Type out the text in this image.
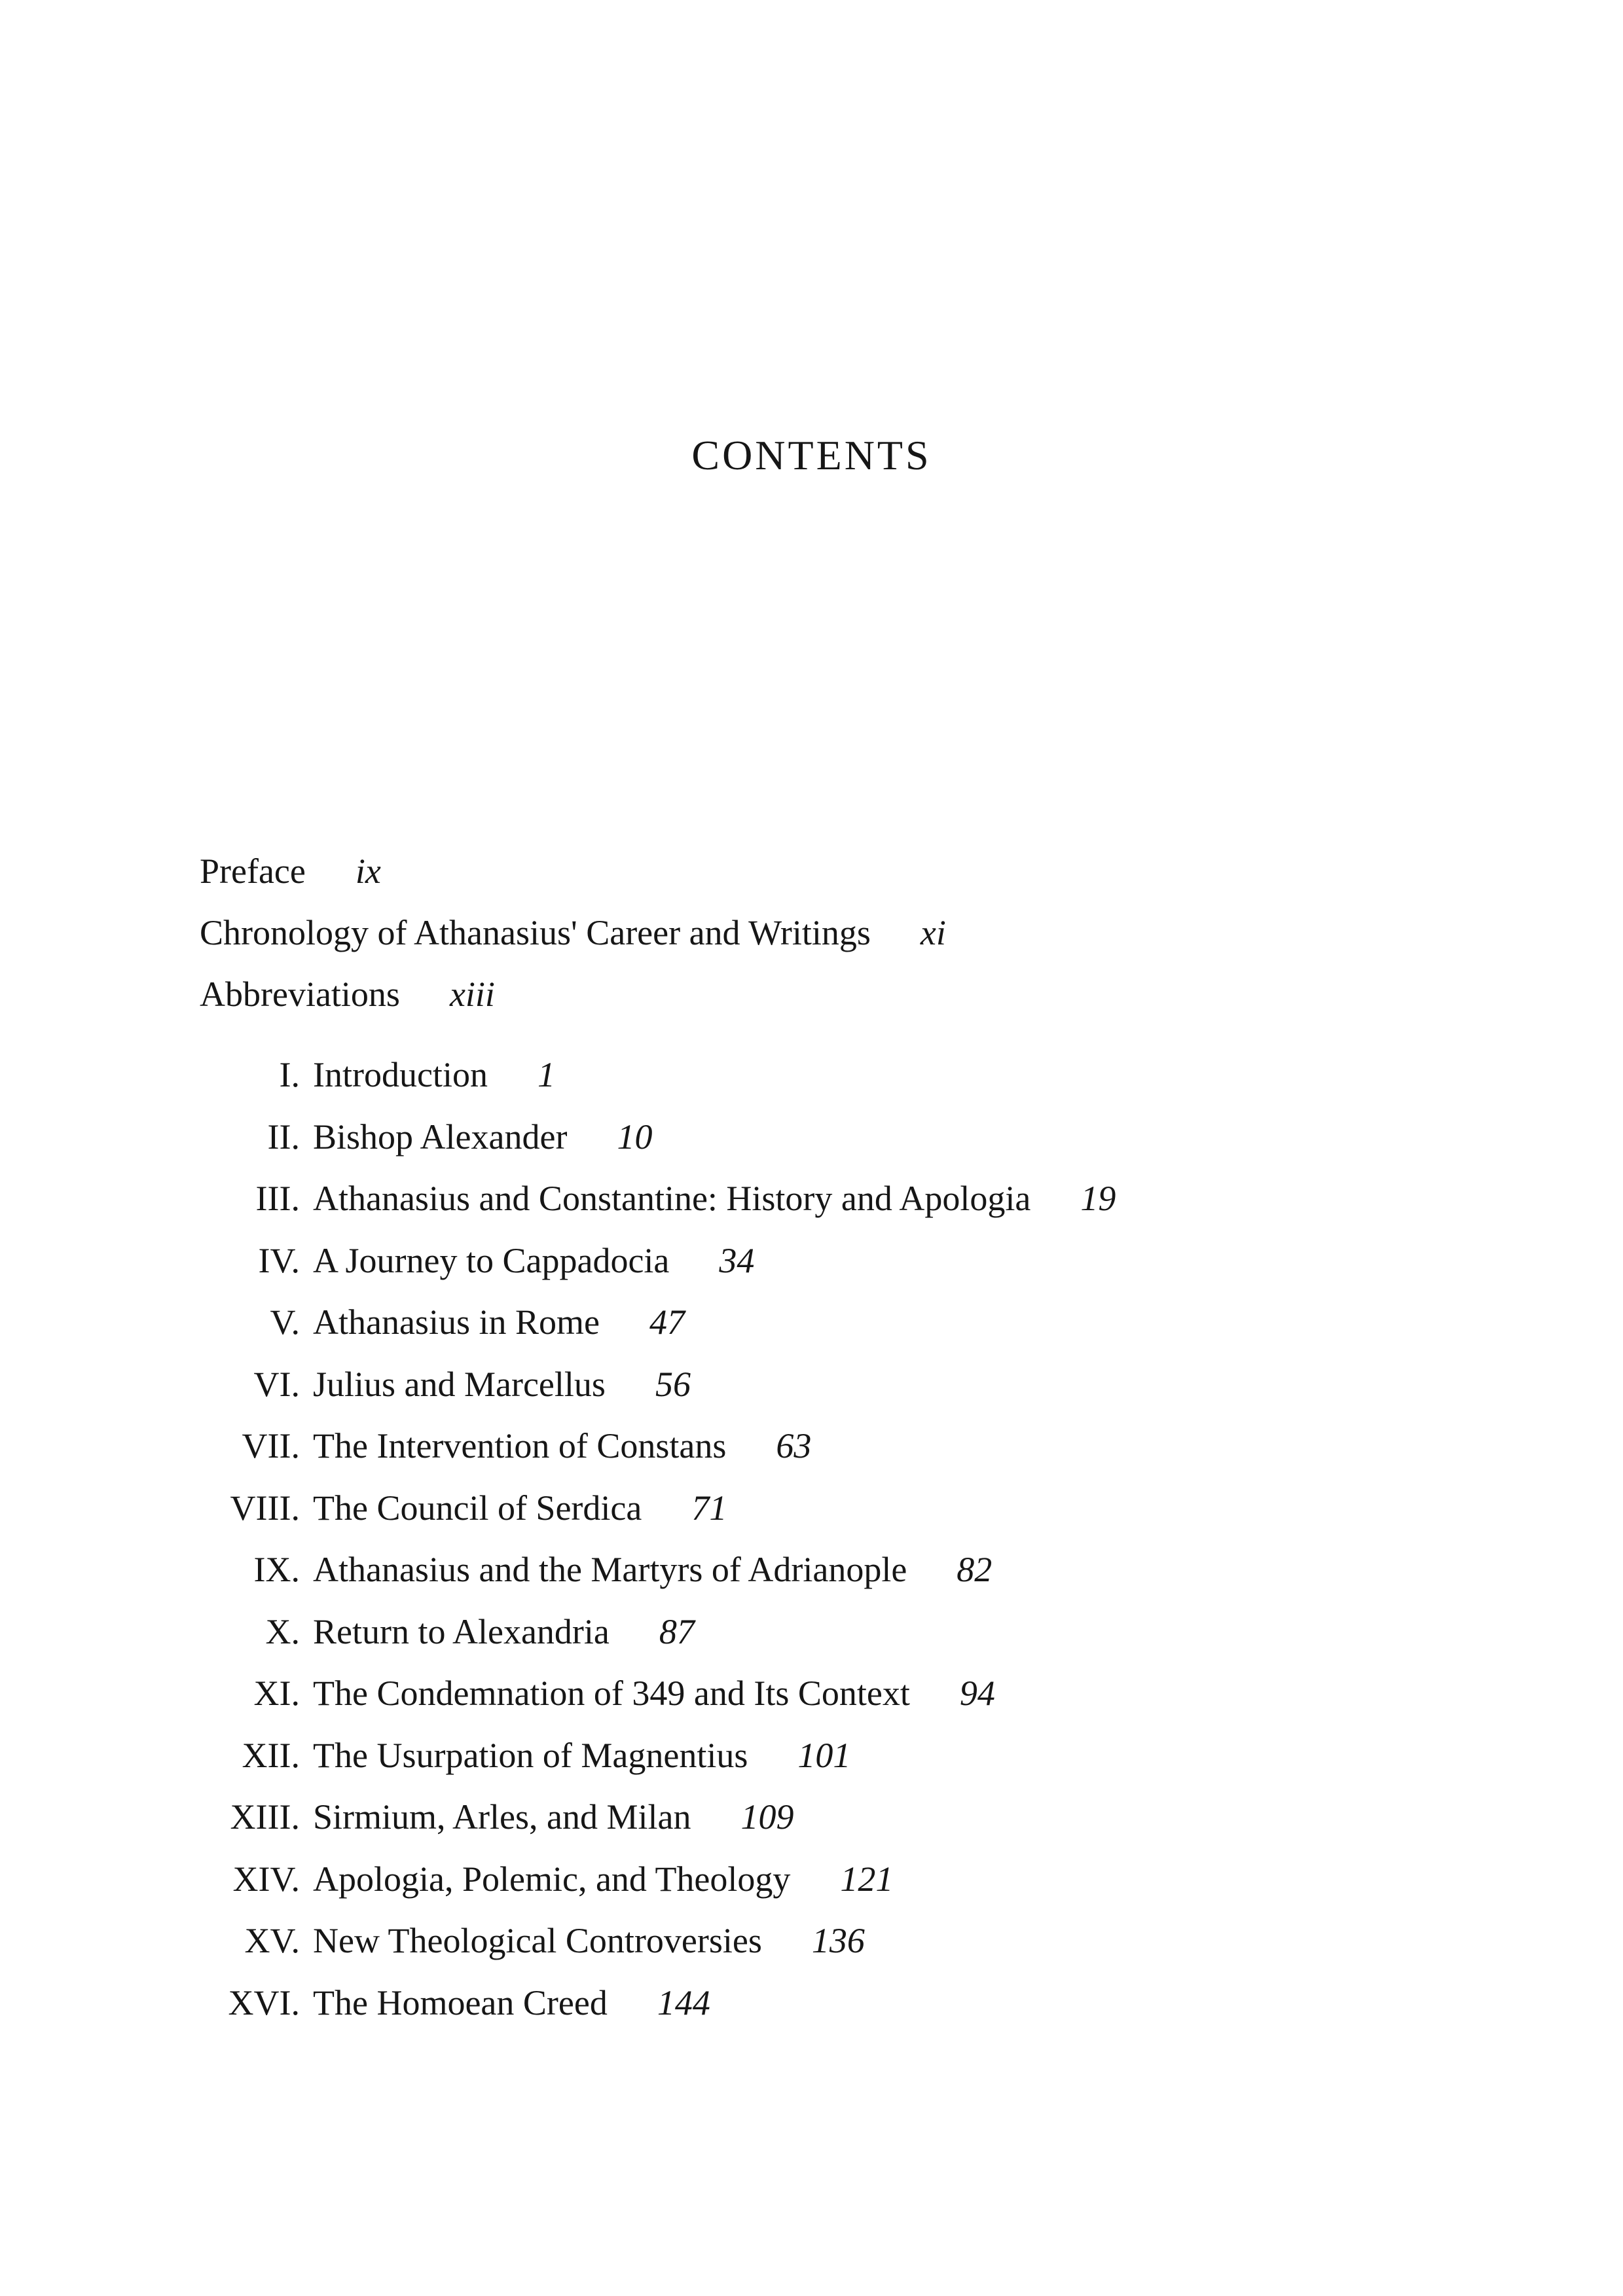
CONTENTS
Preface ix
Chronology of Athanasius' Career and Writings xi
Abbreviations xiii
I. Introduction 1
II. Bishop Alexander 10
III. Athanasius and Constantine: History and Apologia 19
IV. A Journey to Cappadocia 34
V. Athanasius in Rome 47
VI. Julius and Marcellus 56
VII. The Intervention of Constans 63
VIII. The Council of Serdica 71
IX. Athanasius and the Martyrs of Adrianople 82
X. Return to Alexandria 87
XI. The Condemnation of 349 and Its Context 94
XII. The Usurpation of Magnentius 101
XIII. Sirmium, Arles, and Milan 109
XIV. Apologia, Polemic, and Theology 121
XV. New Theological Controversies 136
XVI. The Homoean Creed 144
